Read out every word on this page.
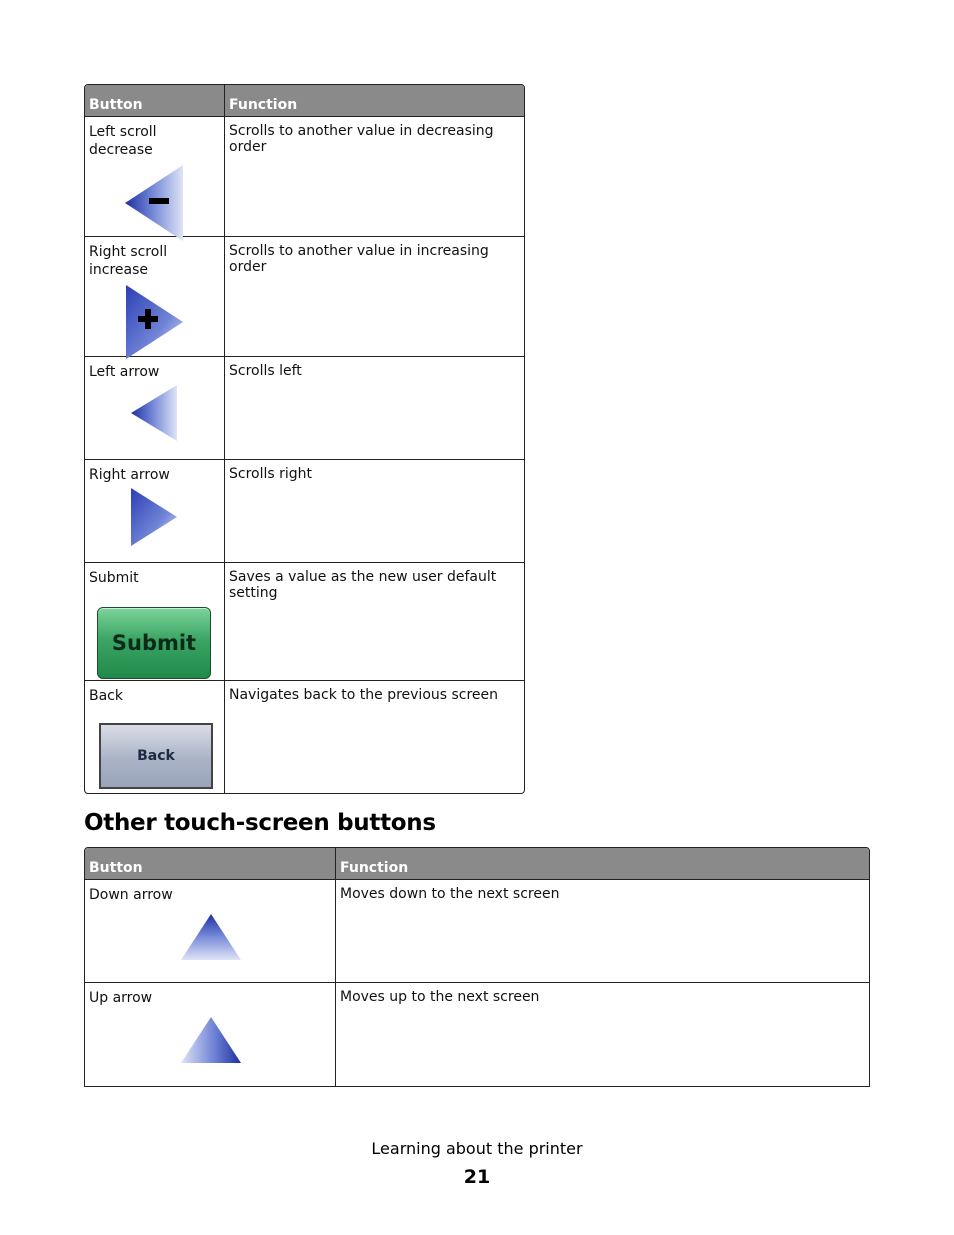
Button	Function

Left scroll decrease	Scrolls to another value in decreasing order

Right scroll increase	Scrolls to another value in increasing order

Left arrow	Scrolls left

Right arrow	Scrolls right

Submit
Submit	Saves a value as the new user default setting

Back
Back	Navigates back to the previous screen
Other touch-screen buttons
Button	Function

Down arrow	Moves down to the next screen

Up arrow	Moves up to the next screen
Learning about the printer
21
